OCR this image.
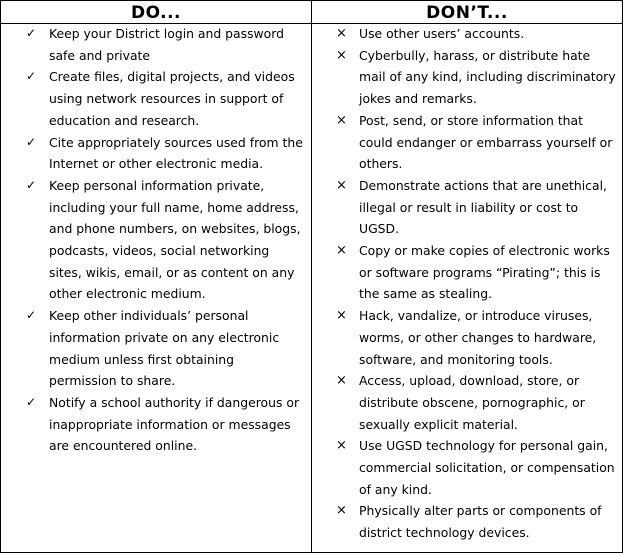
DO...	DON’T...
✓ Keep your District login and password safe and private
✓ Create files, digital projects, and videos using network resources in support of education and research.
✓ Cite appropriately sources used from the Internet or other electronic media.
✓ Keep personal information private, including your full name, home address, and phone numbers, on websites, blogs, podcasts, videos, social networking sites, wikis, email, or as content on any other electronic medium.
✓ Keep other individuals’ personal information private on any electronic medium unless first obtaining permission to share.
✓ Notify a school authority if dangerous or inappropriate information or messages are encountered online.
× Use other users’ accounts.
× Cyberbully, harass, or distribute hate mail of any kind, including discriminatory jokes and remarks.
× Post, send, or store information that could endanger or embarrass yourself or others.
× Demonstrate actions that are unethical, illegal or result in liability or cost to UGSD.
× Copy or make copies of electronic works or software programs “Pirating”; this is the same as stealing.
× Hack, vandalize, or introduce viruses, worms, or other changes to hardware, software, and monitoring tools.
× Access, upload, download, store, or distribute obscene, pornographic, or sexually explicit material.
× Use UGSD technology for personal gain, commercial solicitation, or compensation of any kind.
× Physically alter parts or components of district technology devices.
